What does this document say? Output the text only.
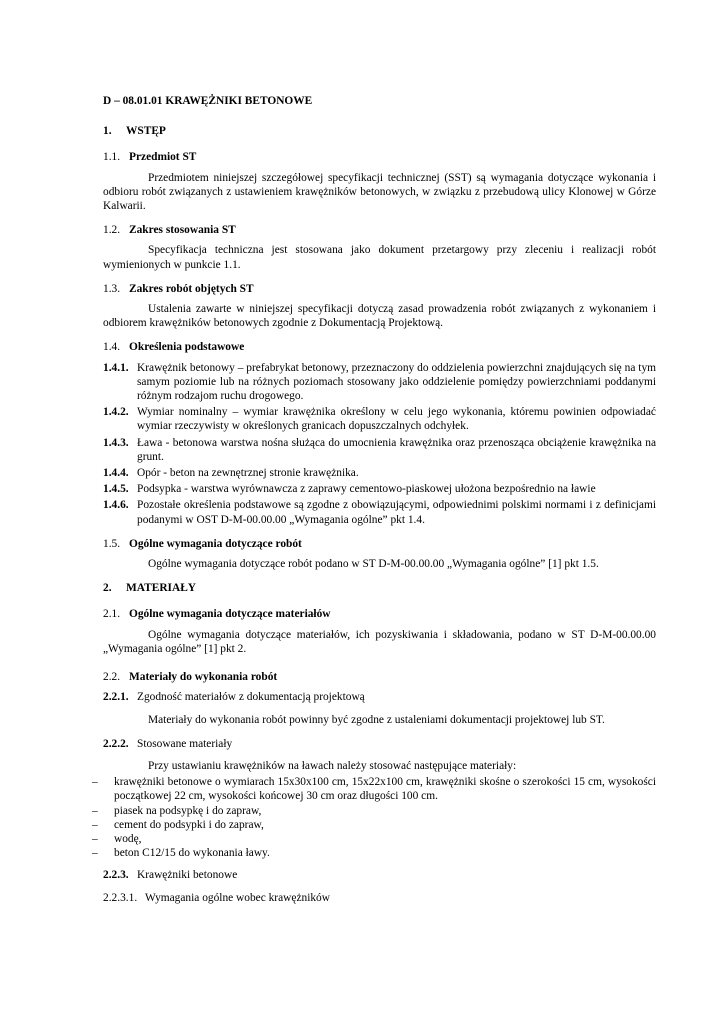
D – 08.01.01 KRAWĘŻNIKI BETONOWE
1. WSTĘP
1.1. Przedmiot ST

Przedmiotem niniejszej szczegółowej specyfikacji technicznej (SST) są wymagania dotyczące wykonania i odbioru robót związanych z ustawieniem krawężników betonowych, w związku z przebudową ulicy Klonowej w Górze Kalwarii.

1.2. Zakres stosowania ST

Specyfikacja techniczna jest stosowana jako dokument przetargowy przy zleceniu i realizacji robót wymienionych w punkcie 1.1.

1.3. Zakres robót objętych ST

Ustalenia zawarte w niniejszej specyfikacji dotyczą zasad prowadzenia robót związanych z wykonaniem i odbiorem krawężników betonowych zgodnie z Dokumentacją Projektową.

1.4. Określenia podstawowe
1.4.1. Krawężnik betonowy – prefabrykat betonowy, przeznaczony do oddzielenia powierzchni znajdujących się na tym samym poziomie lub na różnych poziomach stosowany jako oddzielenie pomiędzy powierzchniami poddanymi różnym rodzajom ruchu drogowego.
1.4.2. Wymiar nominalny – wymiar krawężnika określony w celu jego wykonania, któremu powinien odpowiadać wymiar rzeczywisty w określonych granicach dopuszczalnych odchyłek.
1.4.3. Ława - betonowa warstwa nośna służąca do umocnienia krawężnika oraz przenosząca obciążenie krawężnika na grunt.
1.4.4. Opór - beton na zewnętrznej stronie krawężnika.
1.4.5. Podsypka - warstwa wyrównawcza z zaprawy cementowo-piaskowej ułożona bezpośrednio na ławie
1.4.6. Pozostałe określenia podstawowe są zgodne z obowiązującymi, odpowiednimi polskimi normami i z definicjami podanymi w OST D-M-00.00.00 „Wymagania ogólne” pkt 1.4.
1.5. Ogólne wymagania dotyczące robót

Ogólne wymagania dotyczące robót podano w ST D-M-00.00.00 „Wymagania ogólne” [1] pkt 1.5.

2. MATERIAŁY
2.1. Ogólne wymagania dotyczące materiałów

Ogólne wymagania dotyczące materiałów, ich pozyskiwania i składowania, podano w ST D-M-00.00.00 „Wymagania ogólne” [1] pkt 2.

2.2. Materiały do wykonania robót
2.2.1. Zgodność materiałów z dokumentacją projektową

Materiały do wykonania robót powinny być zgodne z ustaleniami dokumentacji projektowej lub ST.

2.2.2. Stosowane materiały

Przy ustawianiu krawężników na ławach należy stosować następujące materiały:

–	krawężniki betonowe o wymiarach 15x30x100 cm, 15x22x100 cm, krawężniki skośne o szerokości 15 cm, wysokości początkowej 22 cm, wysokości końcowej 30 cm oraz długości 100 cm.
–	piasek na podsypkę i do zapraw,
–	cement do podsypki i do zapraw,
–	wodę,
–	beton C12/15 do wykonania ławy.
2.2.3. Krawężniki betonowe
2.2.3.1. Wymagania ogólne wobec krawężników
